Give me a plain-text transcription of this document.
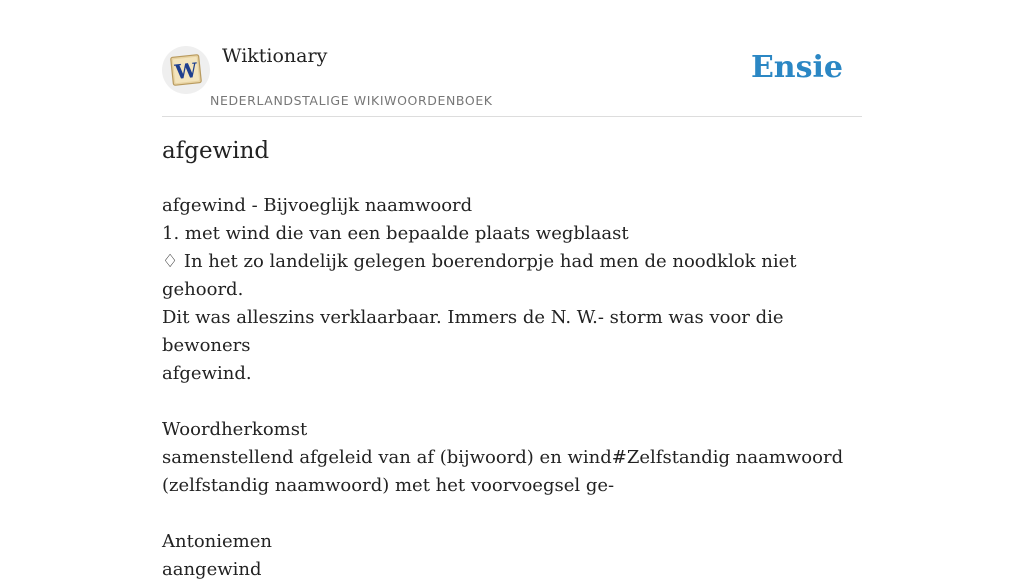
W
Wiktionary
NEDERLANDSTALIGE WIKIWOORDENBOEK
Ensie
afgewind
afgewind - Bijvoeglijk naamwoord
1. met wind die van een bepaalde plaats wegblaast
♢ In het zo landelijk gelegen boerendorpje had men de noodklok niet gehoord.
Dit was alleszins verklaarbaar. Immers de N. W.- storm was voor die bewoners
afgewind.
Woordherkomst
samenstellend afgeleid van af (bijwoord) en wind#Zelfstandig naamwoord
(zelfstandig naamwoord) met het voorvoegsel ge-
Antoniemen
aangewind
